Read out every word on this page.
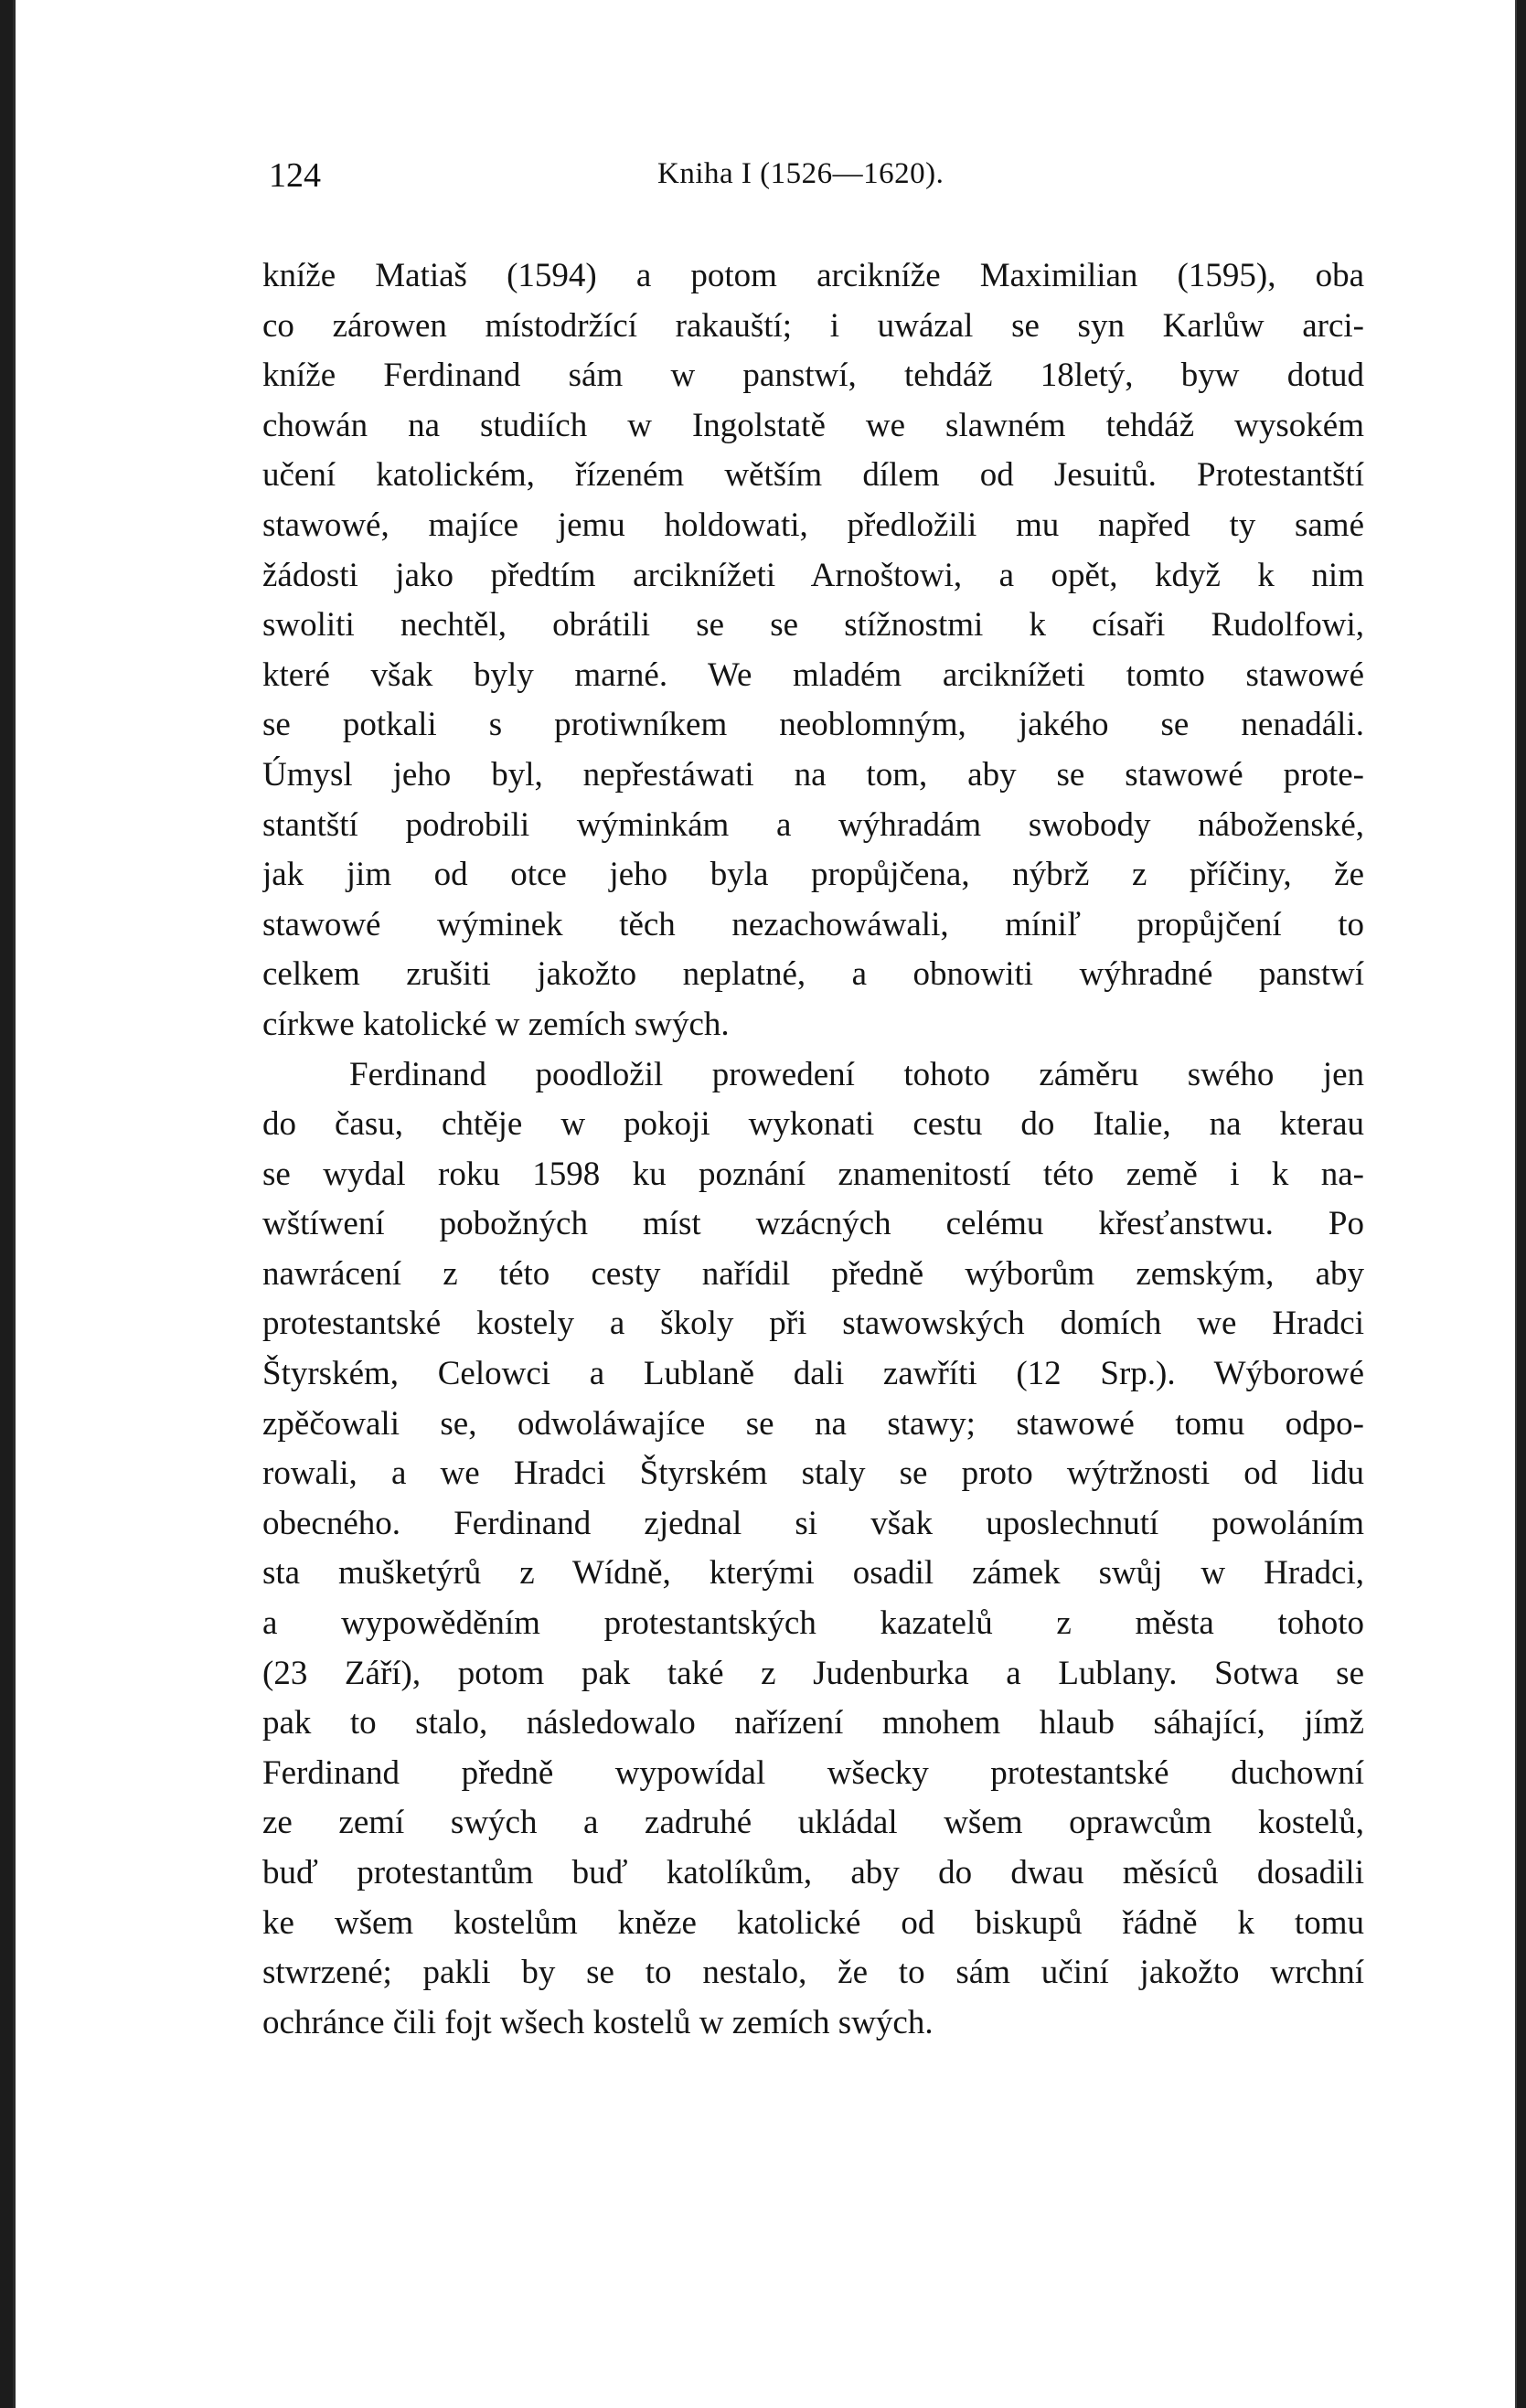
124	Kniha I (1526—1620).
kníže Matiaš (1594) a potom arcikníže Maximilian (1595), oba
co zárowen místodržící rakauští; i uwázal se syn Karlůw arci-
kníže Ferdinand sám w panstwí, tehdáž 18letý, byw dotud
chowán na studiích w Ingolstatě we slawném tehdáž wysokém
učení katolickém, řízeném wětším dílem od Jesuitů. Protestantští
stawowé, majíce jemu holdowati, předložili mu napřed ty samé
žádosti jako předtím arciknížeti Arnoštowi, a opět, když k nim
swoliti nechtěl, obrátili se se stížnostmi k císaři Rudolfowi,
které však byly marné. We mladém arciknížeti tomto stawowé
se potkali s protiwníkem neoblomným, jakého se nenadáli.
Úmysl jeho byl, nepřestáwati na tom, aby se stawowé prote-
stantští podrobili wýminkám a wýhradám swobody náboženské,
jak jim od otce jeho byla propůjčena, nýbrž z příčiny, že
stawowé wýminek těch nezachowáwali, míniľ propůjčení to
celkem zrušiti jakožto neplatné, a obnowiti wýhradné panstwí
církwe katolické w zemích swých.
Ferdinand poodložil prowedení tohoto záměru swého jen
do času, chtěje w pokoji wykonati cestu do Italie, na kterau
se wydal roku 1598 ku poznání znamenitostí této země i k na-
wštíwení pobožných míst wzácných celému křesťanstwu. Po
nawrácení z této cesty nařídil předně wýborům zemským, aby
protestantské kostely a školy při stawowských domích we Hradci
Štyrském, Celowci a Lublaně dali zawříti (12 Srp.). Wýborowé
zpěčowali se, odwoláwajíce se na stawy; stawowé tomu odpo-
rowali, a we Hradci Štyrském staly se proto wýtržnosti od lidu
obecného. Ferdinand zjednal si však uposlechnutí powoláním
sta mušketýrů z Wídně, kterými osadil zámek swůj w Hradci,
a wypowěděním protestantských kazatelů z města tohoto
(23 Září), potom pak také z Judenburka a Lublany. Sotwa se
pak to stalo, následowalo nařízení mnohem hlaub sáhající, jímž
Ferdinand předně wypowídal wšecky protestantské duchowní
ze zemí swých a zadruhé ukládal wšem oprawcům kostelů,
buď protestantům buď katolíkům, aby do dwau měsíců dosadili
ke wšem kostelům kněze katolické od biskupů řádně k tomu
stwrzené; pakli by se to nestalo, že to sám učiní jakožto wrchní
ochránce čili fojt wšech kostelů w zemích swých.
